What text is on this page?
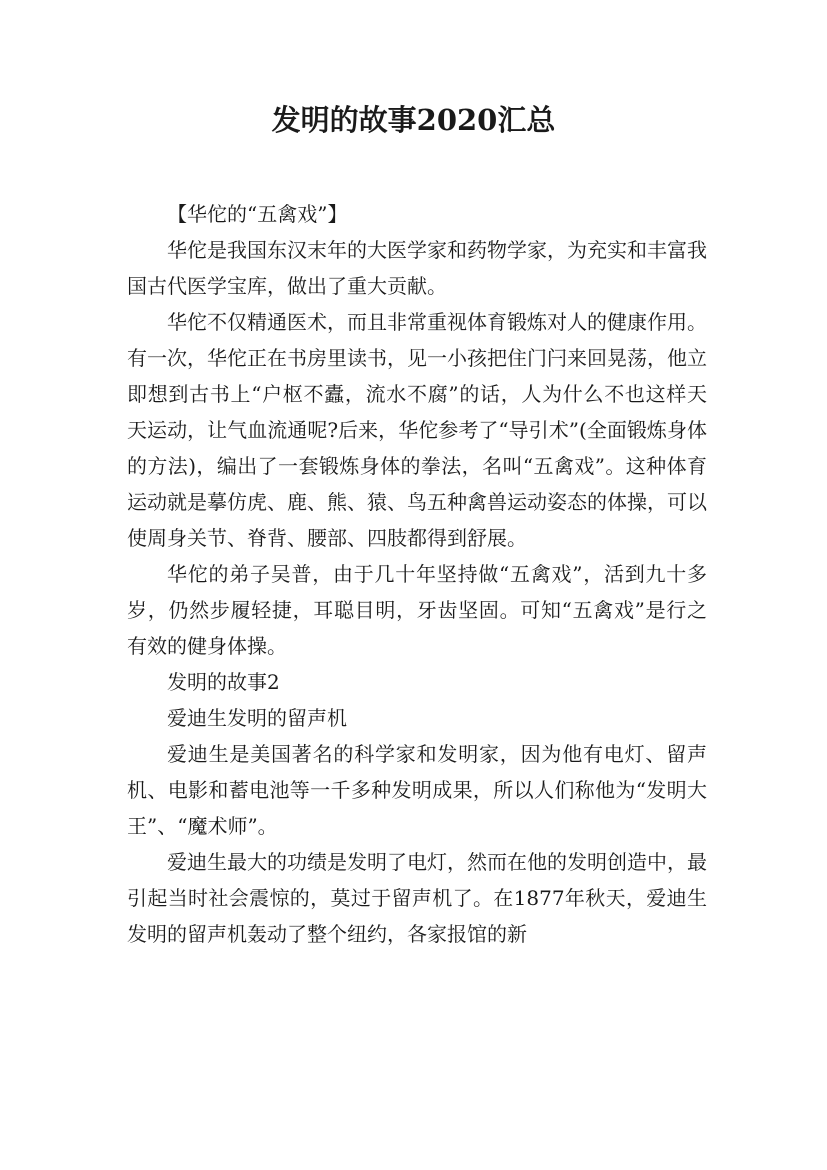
发明的故事2020汇总

【华佗的“五禽戏”】

华佗是我国东汉末年的大医学家和药物学家，为充实和丰富我国古代医学宝库，做出了重大贡献。

华佗不仅精通医术，而且非常重视体育锻炼对人的健康作用。有一次，华佗正在书房里读书，见一小孩把住门闩来回晃荡，他立即想到古书上“户枢不蠹，流水不腐”的话，人为什么不也这样天天运动，让气血流通呢?后来，华佗参考了“导引术”(全面锻炼身体的方法)，编出了一套锻炼身体的拳法，名叫“五禽戏”。这种体育运动就是摹仿虎、鹿、熊、猿、鸟五种禽兽运动姿态的体操，可以使周身关节、脊背、腰部、四肢都得到舒展。

华佗的弟子吴普，由于几十年坚持做“五禽戏”，活到九十多岁，仍然步履轻捷，耳聪目明，牙齿坚固。可知“五禽戏”是行之有效的健身体操。

发明的故事2

爱迪生发明的留声机

爱迪生是美国著名的科学家和发明家，因为他有电灯、留声机、电影和蓄电池等一千多种发明成果，所以人们称他为“发明大王”、“魔术师”。

爱迪生最大的功绩是发明了电灯，然而在他的发明创造中，最引起当时社会震惊的，莫过于留声机了。在1877年秋天，爱迪生发明的留声机轰动了整个纽约，各家报馆的新
